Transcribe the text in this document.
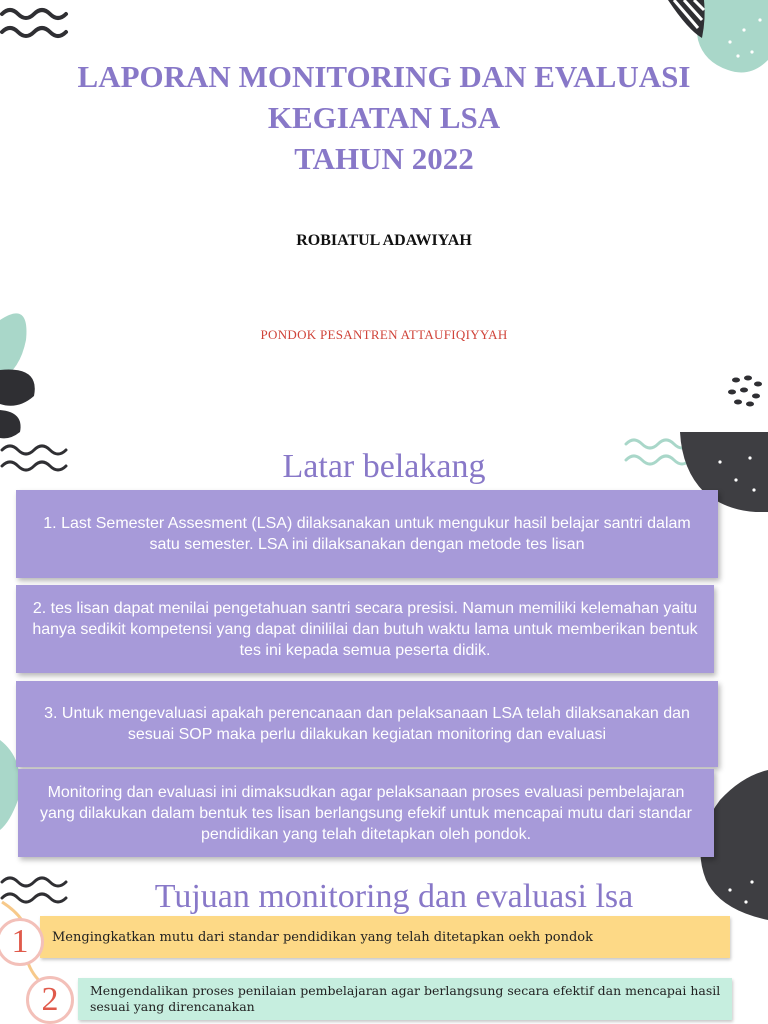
LAPORAN MONITORING DAN EVALUASI
KEGIATAN LSA
TAHUN 2022
ROBIATUL ADAWIYAH
PONDOK PESANTREN ATTAUFIQIYYAH
Latar belakang
1. Last Semester Assesment (LSA) dilaksanakan untuk mengukur hasil belajar santri dalam satu semester. LSA ini dilaksanakan dengan metode tes lisan
2. tes lisan dapat menilai pengetahuan santri secara presisi. Namun memiliki kelemahan yaitu hanya sedikit kompetensi yang dapat dinililai dan butuh waktu lama untuk memberikan bentuk tes ini kepada semua peserta didik.
3. Untuk mengevaluasi apakah perencanaan dan pelaksanaan LSA telah dilaksanakan dan sesuai SOP maka perlu dilakukan kegiatan monitoring dan evaluasi
Monitoring dan evaluasi ini dimaksudkan agar pelaksanaan proses evaluasi pembelajaran yang dilakukan dalam bentuk tes lisan berlangsung efekif untuk mencapai mutu dari standar pendidikan yang telah ditetapkan oleh pondok.
Tujuan monitoring dan evaluasi lsa
Mengingkatkan mutu dari standar pendidikan yang telah ditetapkan oekh pondok
1
Mengendalikan proses penilaian pembelajaran agar berlangsung secara efektif dan mencapai hasil sesuai yang direncanakan
2
